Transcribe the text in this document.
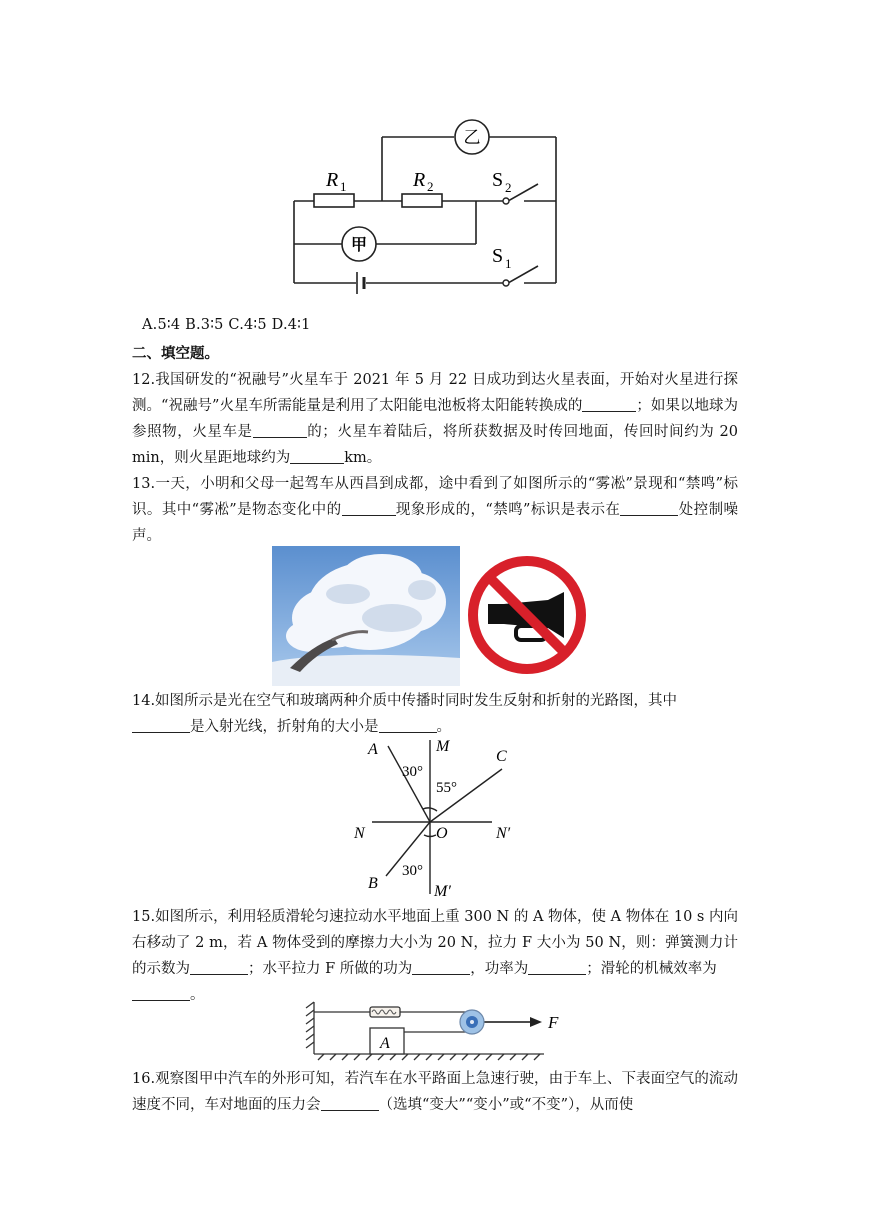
R 1	R 2	S 2
S 1
乙
甲
A.5∶4 B.3∶5 C.4∶5 D.4∶1
二、填空题。
12.我国研发的“祝融号”火星车于 2021 年 5 月 22 日成功到达火星表面，开始对火星进行探测。“祝融号”火星车所需能量是利用了太阳能电池板将太阳能转换成的	；如果以地球为参照物，火星车是	的；火星车着陆后，将所获数据及时传回地面，传回时间约为 20 min，则火星距地球约为	km。
13.一天，小明和父母一起驾车从西昌到成都，途中看到了如图所示的“雾凇”景现和“禁鸣”标识。其中“雾凇”是物态变化中的	现象形成的，“禁鸣”标识是表示在	处控制噪声。
14.如图所示是光在空气和玻璃两种介质中传播时同时发生反射和折射的光路图，其中
是入射光线，折射角的大小是	。
A	M
C
N	O	N′
B	M′
30°
55°
30°
15.如图所示，利用轻质滑轮匀速拉动水平地面上重 300 N 的 A 物体，使 A 物体在 10 s 内向右移动了 2 m，若 A 物体受到的摩擦力大小为 20 N，拉力 F 大小为 50 N，则：弹簧测力计的示数为	；水平拉力 F 所做的功为	，功率为	；滑轮的机械效率为
。
A
F
16.观察图甲中汽车的外形可知，若汽车在水平路面上急速行驶，由于车上、下表面空气的流动速度不同，车对地面的压力会	（选填“变大”“变小”或“不变”），从而使
